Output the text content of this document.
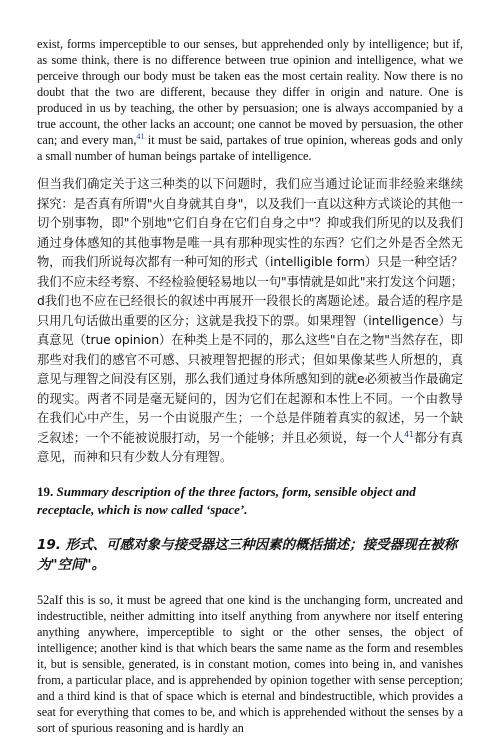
exist, forms imperceptible to our senses, but apprehended only by intelligence; but if, as some think, there is no difference between true opinion and intelligence, what we perceive through our body must be taken eas the most certain reality. Now there is no doubt that the two are different, because they differ in origin and nature. One is produced in us by teaching, the other by persuasion; one is always accompanied by a true account, the other lacks an account; one cannot be moved by persuasion, the other can; and every man,$^{41}$ it must be said, partakes of true opinion, whereas gods and only a small number of human beings partake of intelligence.

但当我们确定关于这三种类的以下问题时，我们应当通过论证而非经验来继续探究：是否真有所谓"火自身就其自身"，以及我们一直以这种方式谈论的其他一切个别事物，即"个别地"它们自身在它们自身之中"？抑或我们所见的以及我们通过身体感知的其他事物是唯一具有那种现实性的东西？它们之外是否全然无物，而我们所说每次都有一种可知的形式（intelligible form）只是一种空话？我们不应未经考察、不经检验便轻易地以一句"事情就是如此"来打发这个问题；d我们也不应在已经很长的叙述中再展开一段很长的离题论述。最合适的程序是只用几句话做出重要的区分；这就是我投下的票。如果理智（intelligence）与真意见（true opinion）在种类上是不同的，那么这些"自在之物"当然存在，即那些对我们的感官不可感、只被理智把握的形式；但如果像某些人所想的，真意见与理智之间没有区别，那么我们通过身体所感知到的就e必须被当作最确定的现实。两者不同是毫无疑问的，因为它们在起源和本性上不同。一个由教导在我们心中产生，另一个由说服产生；一个总是伴随着真实的叙述，另一个缺乏叙述；一个不能被说服打动，另一个能够；并且必须说，每一个人$^{41}$都分有真意见，而神和只有少数人分有理智。

19. Summary description of the three factors, form, sensible object and receptacle, which is now called ‘space’.

19. 形式、可感对象与接受器这三种因素的概括描述；接受器现在被称为"空间"。

52aIf this is so, it must be agreed that one kind is the unchanging form, uncreated and indestructible, neither admitting into itself anything from anywhere nor itself entering anything anywhere, imperceptible to sight or the other senses, the object of intelligence; another kind is that which bears the same name as the form and resembles it, but is sensible, generated, is in constant motion, comes into being in, and vanishes from, a particular place, and is apprehended by opinion together with sense perception; and a third kind is that of space which is eternal and bindestructible, which provides a seat for everything that comes to be, and which is apprehended without the senses by a sort of spurious reasoning and is hardly an
